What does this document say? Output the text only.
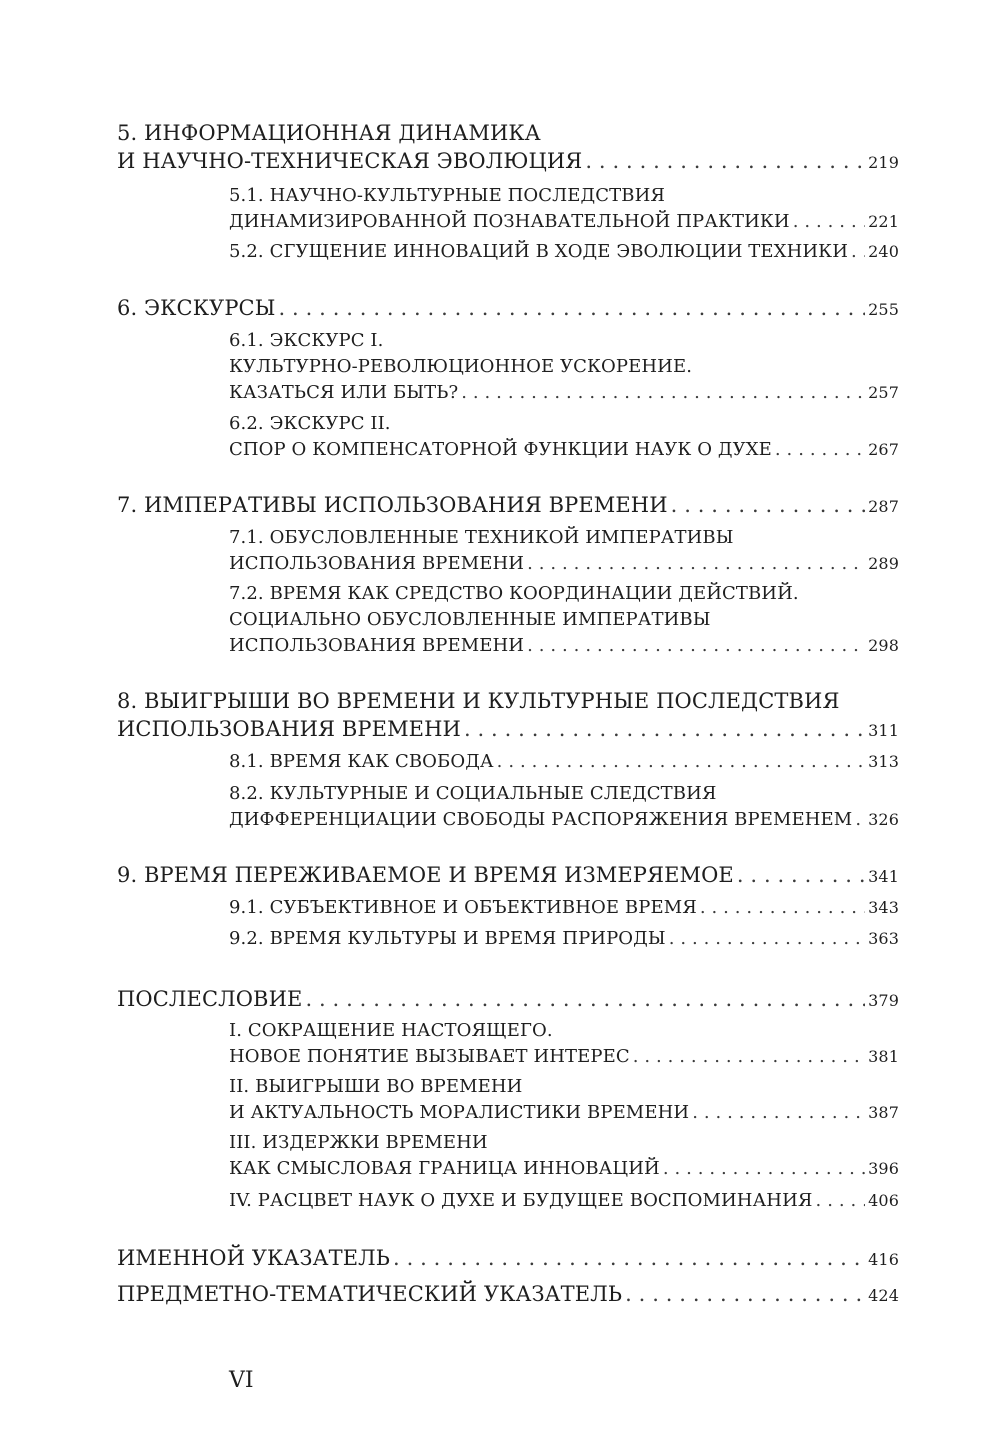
5. ИНФОРМАЦИОННАЯ ДИНАМИКА
И НАУЧНО-ТЕХНИЧЕСКАЯ ЭВОЛЮЦИЯ . . .	219
5.1. НАУЧНО-КУЛЬТУРНЫЕ ПОСЛЕДСТВИЯ
ДИНАМИЗИРОВАННОЙ ПОЗНАВАТЕЛЬНОЙ ПРАКТИКИ . . .	221
5.2. СГУЩЕНИЕ ИННОВАЦИЙ В ХОДЕ ЭВОЛЮЦИИ ТЕХНИКИ . . . 240
6. ЭКСКУРСЫ . . .	255
6.1. ЭКСКУРС I.
КУЛЬТУРНО-РЕВОЛЮЦИОННОЕ УСКОРЕНИЕ.
КАЗАТЬСЯ ИЛИ БЫТЬ? . . .	257
6.2. ЭКСКУРС II.
СПОР О КОМПЕНСАТОРНОЙ ФУНКЦИИ НАУК О ДУХЕ . . .	267
7. ИМПЕРАТИВЫ ИСПОЛЬЗОВАНИЯ ВРЕМЕНИ . . .	287
7.1. ОБУСЛОВЛЕННЫЕ ТЕХНИКОЙ ИМПЕРАТИВЫ
ИСПОЛЬЗОВАНИЯ ВРЕМЕНИ . . .	289
7.2. ВРЕМЯ КАК СРЕДСТВО КООРДИНАЦИИ ДЕЙСТВИЙ.
СОЦИАЛЬНО ОБУСЛОВЛЕННЫЕ ИМПЕРАТИВЫ
ИСПОЛЬЗОВАНИЯ ВРЕМЕНИ . . .	298
8. ВЫИГРЫШИ ВО ВРЕМЕНИ И КУЛЬТУРНЫЕ ПОСЛЕДСТВИЯ
ИСПОЛЬЗОВАНИЯ ВРЕМЕНИ . . .	311
8.1. ВРЕМЯ КАК СВОБОДА . . .	313
8.2. КУЛЬТУРНЫЕ И СОЦИАЛЬНЫЕ СЛЕДСТВИЯ
ДИФФЕРЕНЦИАЦИИ СВОБОДЫ РАСПОРЯЖЕНИЯ ВРЕМЕНЕМ . . . 326
9. ВРЕМЯ ПЕРЕЖИВАЕМОЕ И ВРЕМЯ ИЗМЕРЯЕМОЕ . . .	341
9.1. СУБЪЕКТИВНОЕ И ОБЪЕКТИВНОЕ ВРЕМЯ . . .	343
9.2. ВРЕМЯ КУЛЬТУРЫ И ВРЕМЯ ПРИРОДЫ . . .	363
ПОСЛЕСЛОВИЕ . . .	379
I. СОКРАЩЕНИЕ НАСТОЯЩЕГО.
НОВОЕ ПОНЯТИЕ ВЫЗЫВАЕТ ИНТЕРЕС . . .	381
II. ВЫИГРЫШИ ВО ВРЕМЕНИ
И АКТУАЛЬНОСТЬ МОРАЛИСТИКИ ВРЕМЕНИ . . .	387
III. ИЗДЕРЖКИ ВРЕМЕНИ
КАК СМЫСЛОВАЯ ГРАНИЦА ИННОВАЦИЙ . . .	396
IV. РАСЦВЕТ НАУК О ДУХЕ И БУДУЩЕЕ ВОСПОМИНАНИЯ . . .	406
ИМЕННОЙ УКАЗАТЕЛЬ . . .	416
ПРЕДМЕТНО-ТЕМАТИЧЕСКИЙ УКАЗАТЕЛЬ . . .	424
VI
